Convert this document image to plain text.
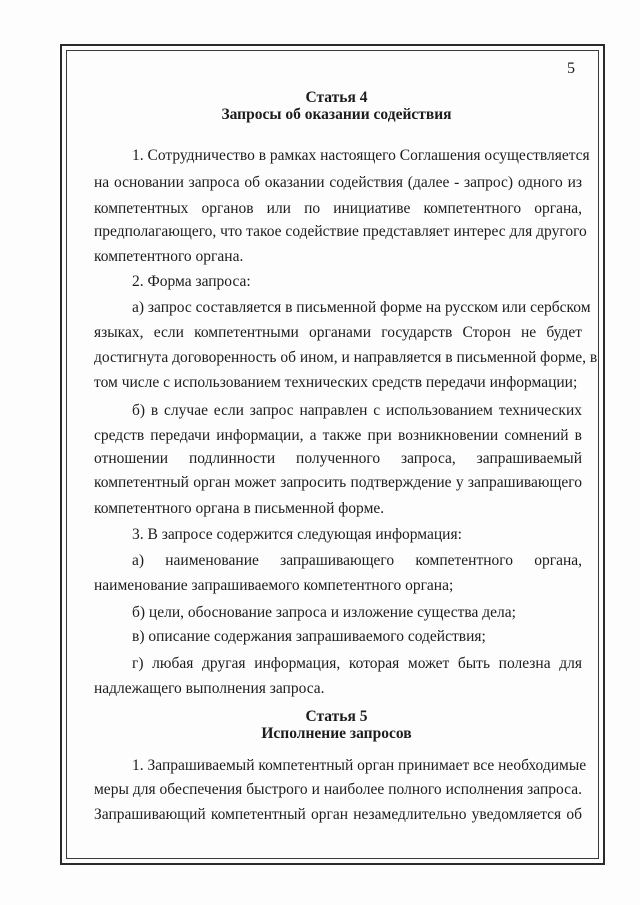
5
Статья 4
Запросы об оказании содействия
1. Сотрудничество в рамках настоящего Соглашения осуществляется
на основании запроса об оказании содействия (далее - запрос) одного из
компетентных органов или по инициативе компетентного органа,
предполагающего, что такое содействие представляет интерес для другого
компетентного органа.
2. Форма запроса:
а) запрос составляется в письменной форме на русском или сербском
языках, если компетентными органами государств Сторон не будет
достигнута договоренность об ином, и направляется в письменной форме, в
том числе с использованием технических средств передачи информации;
б) в случае если запрос направлен с использованием технических
средств передачи информации, а также при возникновении сомнений в
отношении подлинности полученного запроса, запрашиваемый
компетентный орган может запросить подтверждение у запрашивающего
компетентного органа в письменной форме.
3. В запросе содержится следующая информация:
а) наименование запрашивающего компетентного органа,
наименование запрашиваемого компетентного органа;
б) цели, обоснование запроса и изложение существа дела;
в) описание содержания запрашиваемого содействия;
г) любая другая информация, которая может быть полезна для
надлежащего выполнения запроса.
Статья 5
Исполнение запросов
1. Запрашиваемый компетентный орган принимает все необходимые
меры для обеспечения быстрого и наиболее полного исполнения запроса.
Запрашивающий компетентный орган незамедлительно уведомляется об
